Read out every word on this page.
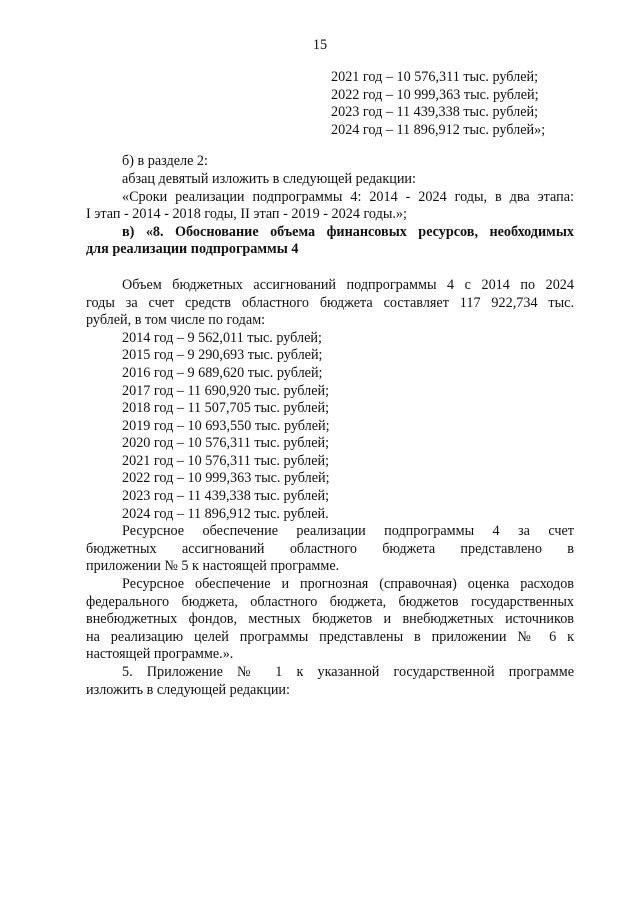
15
2021 год – 10 576,311 тыс. рублей;
2022 год – 10 999,363 тыс. рублей;
2023 год – 11 439,338 тыс. рублей;
2024 год – 11 896,912 тыс. рублей»;
б) в разделе 2:
абзац девятый изложить в следующей редакции:
«Сроки реализации подпрограммы 4: 2014 - 2024 годы, в два этапа:
I этап - 2014 - 2018 годы, II этап - 2019 - 2024 годы.»;
в) «8. Обоснование объема финансовых ресурсов, необходимых
для реализации подпрограммы 4
Объем бюджетных ассигнований подпрограммы 4 с 2014 по 2024
годы за счет средств областного бюджета составляет 117 922,734 тыс.
рублей, в том числе по годам:
2014 год – 9 562,011 тыс. рублей;
2015 год – 9 290,693 тыс. рублей;
2016 год – 9 689,620 тыс. рублей;
2017 год – 11 690,920 тыс. рублей;
2018 год – 11 507,705 тыс. рублей;
2019 год – 10 693,550 тыс. рублей;
2020 год – 10 576,311 тыс. рублей;
2021 год – 10 576,311 тыс. рублей;
2022 год – 10 999,363 тыс. рублей;
2023 год – 11 439,338 тыс. рублей;
2024 год – 11 896,912 тыс. рублей.
Ресурсное обеспечение реализации подпрограммы 4 за счет
бюджетных ассигнований областного бюджета представлено в
приложении № 5 к настоящей программе.
Ресурсное обеспечение и прогнозная (справочная) оценка расходов
федерального бюджета, областного бюджета, бюджетов государственных
внебюджетных фондов, местных бюджетов и внебюджетных источников
на реализацию целей программы представлены в приложении № 6 к
настоящей программе.».
5. Приложение № 1 к указанной государственной программе
изложить в следующей редакции:
